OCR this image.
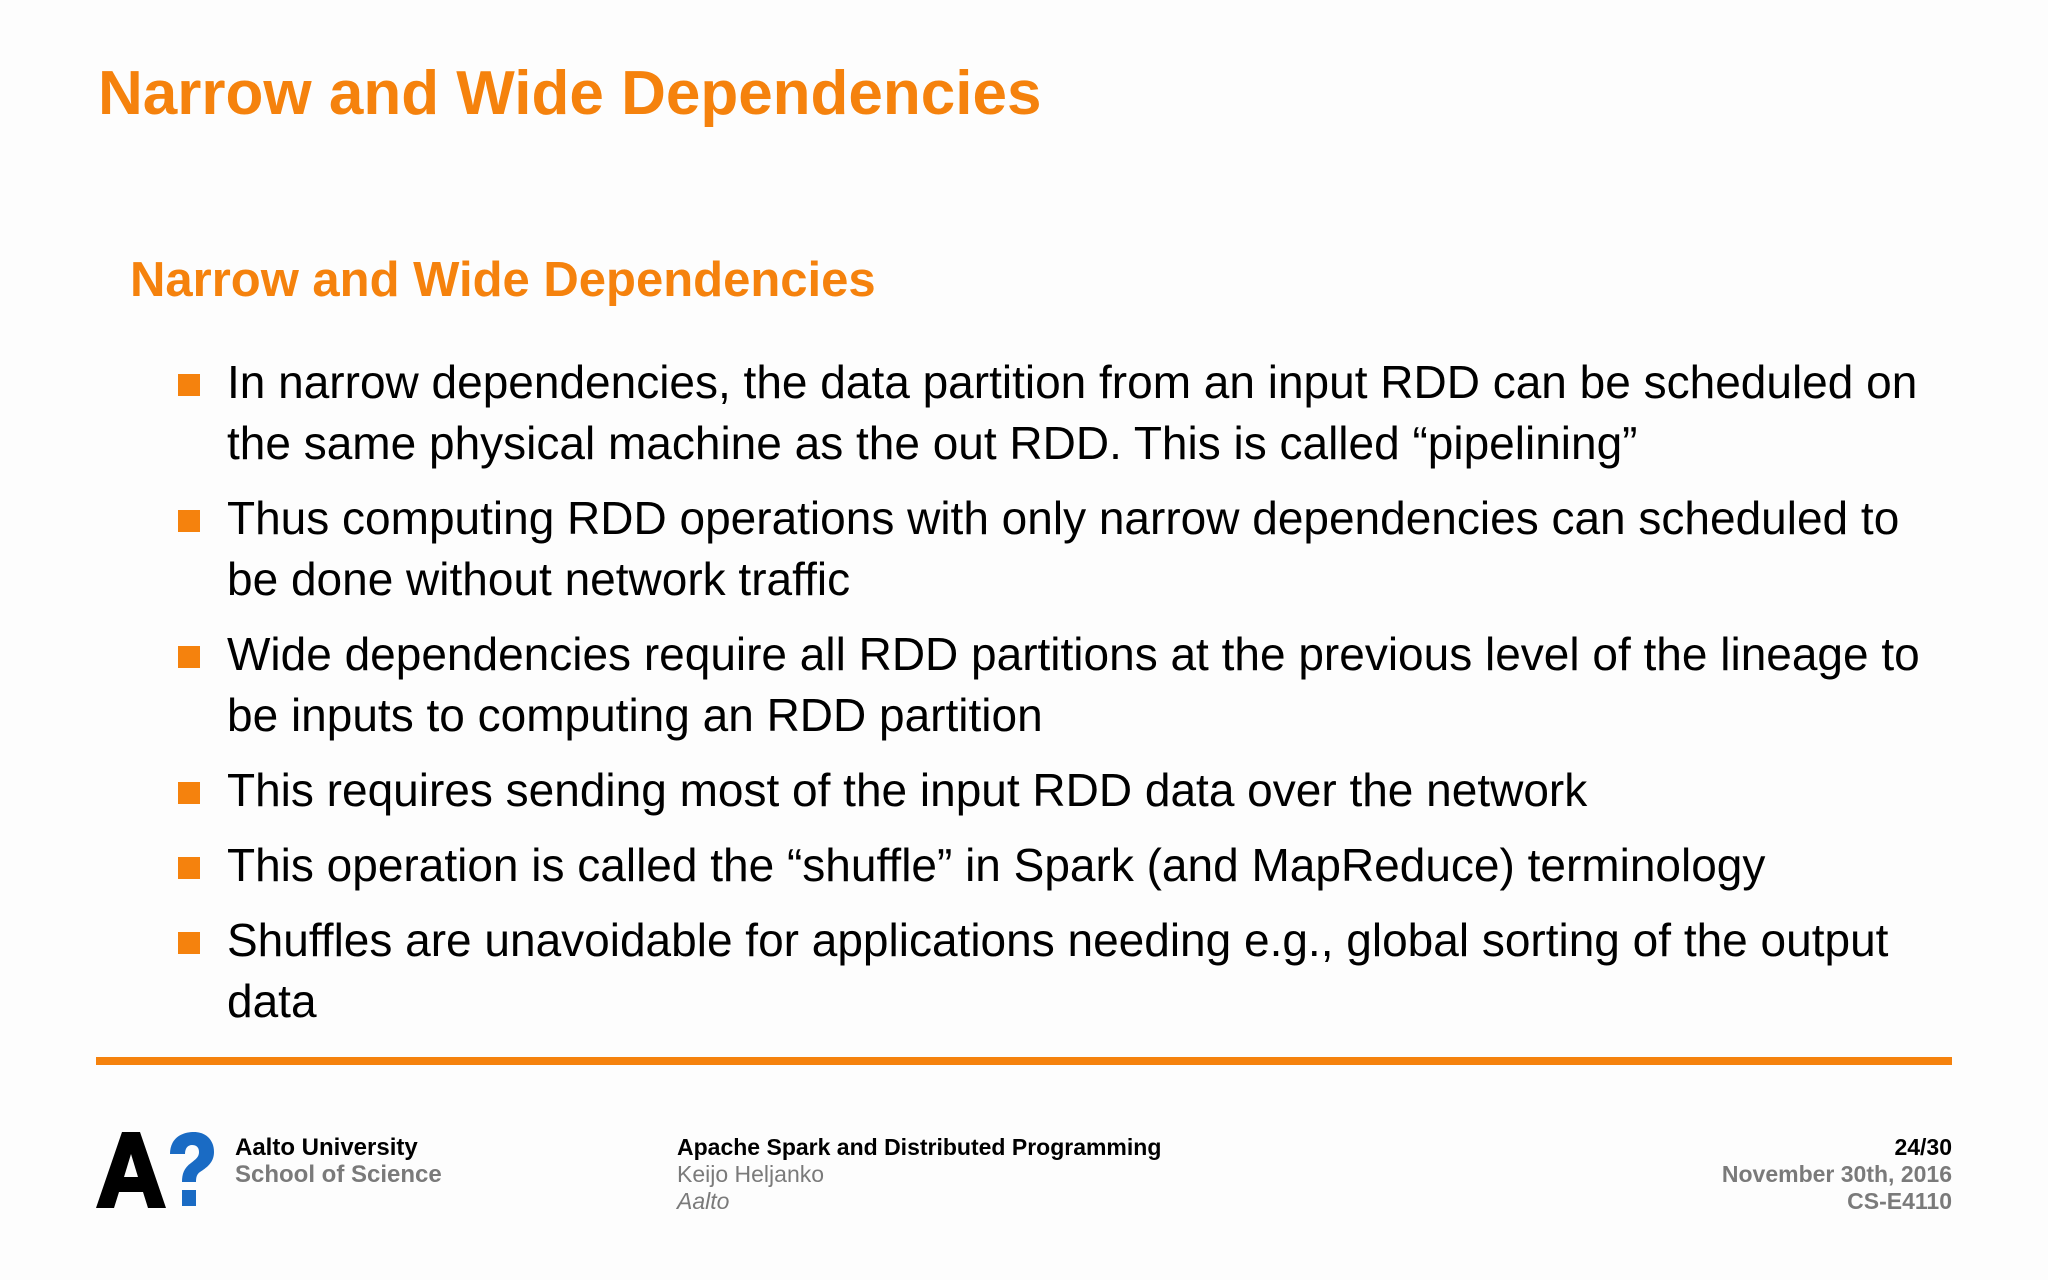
Narrow and Wide Dependencies
Narrow and Wide Dependencies
In narrow dependencies, the data partition from an input RDD can be scheduled on the same physical machine as the out RDD. This is called “pipelining”
Thus computing RDD operations with only narrow dependencies can scheduled to be done without network traffic
Wide dependencies require all RDD partitions at the previous level of the lineage to be inputs to computing an RDD partition
This requires sending most of the input RDD data over the network
This operation is called the “shuffle” in Spark (and MapReduce) terminology
Shuffles are unavoidable for applications needing e.g., global sorting of the output data
Aalto University
School of Science
Apache Spark and Distributed Programming
Keijo Heljanko
Aalto
24/30
November 30th, 2016
CS-E4110
